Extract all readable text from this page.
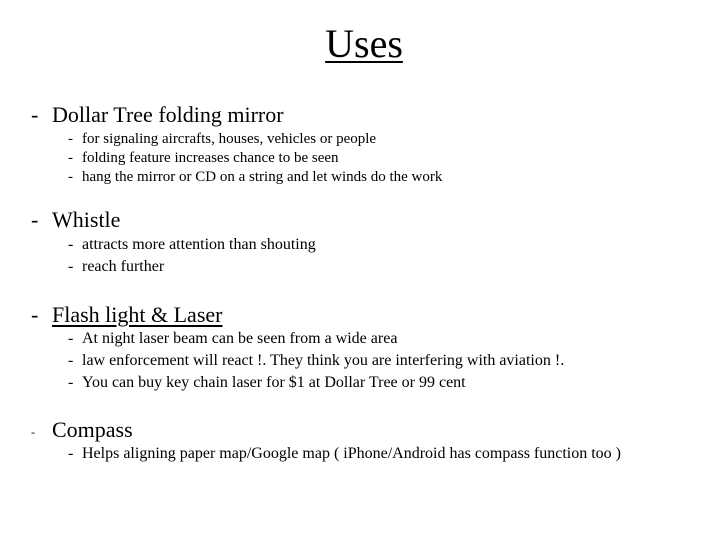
Uses
- Dollar Tree folding mirror
- for signaling aircrafts, houses, vehicles or people
- folding feature increases chance to be seen
- hang the mirror or CD on a string and let winds do the work
- Whistle
- attracts more attention than shouting
- reach further
- Flash light & Laser
- At night laser beam can be seen from a wide area
- law enforcement will react !. They think you are interfering with aviation !.
- You can buy key chain laser for $1 at Dollar Tree or 99 cent
- Compass
- Helps aligning paper map/Google map ( iPhone/Android has compass function too )
